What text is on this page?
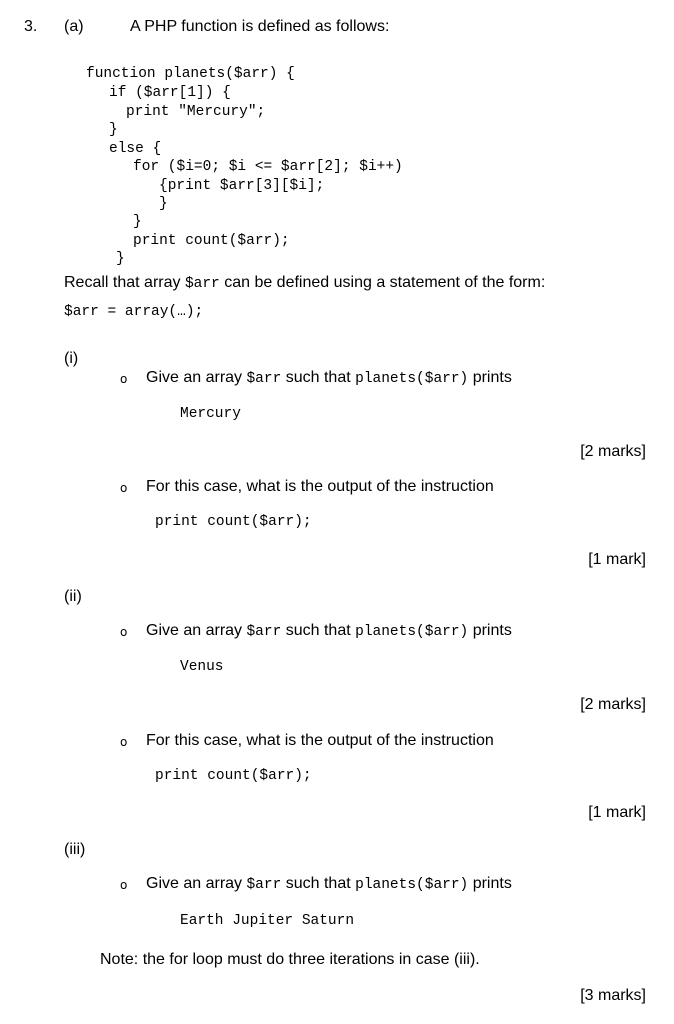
3. (a)	A PHP function is defined as follows:
function planets($arr) {
if ($arr[1]) {
print "Mercury";
}
else {
for ($i=0; $i <= $arr[2]; $i++)
{print $arr[3][$i];
}
}
print count($arr);
}
Recall that array $arr can be defined using a statement of the form:
$arr = array(…);
(i)
o Give an array $arr such that planets($arr) prints
Mercury
[2 marks]
o For this case, what is the output of the instruction
print count($arr);
[1 mark]
(ii)
o Give an array $arr such that planets($arr) prints
Venus
[2 marks]
o For this case, what is the output of the instruction
print count($arr);
[1 mark]
(iii)
o Give an array $arr such that planets($arr) prints
Earth Jupiter Saturn
Note: the for loop must do three iterations in case (iii).
[3 marks]
